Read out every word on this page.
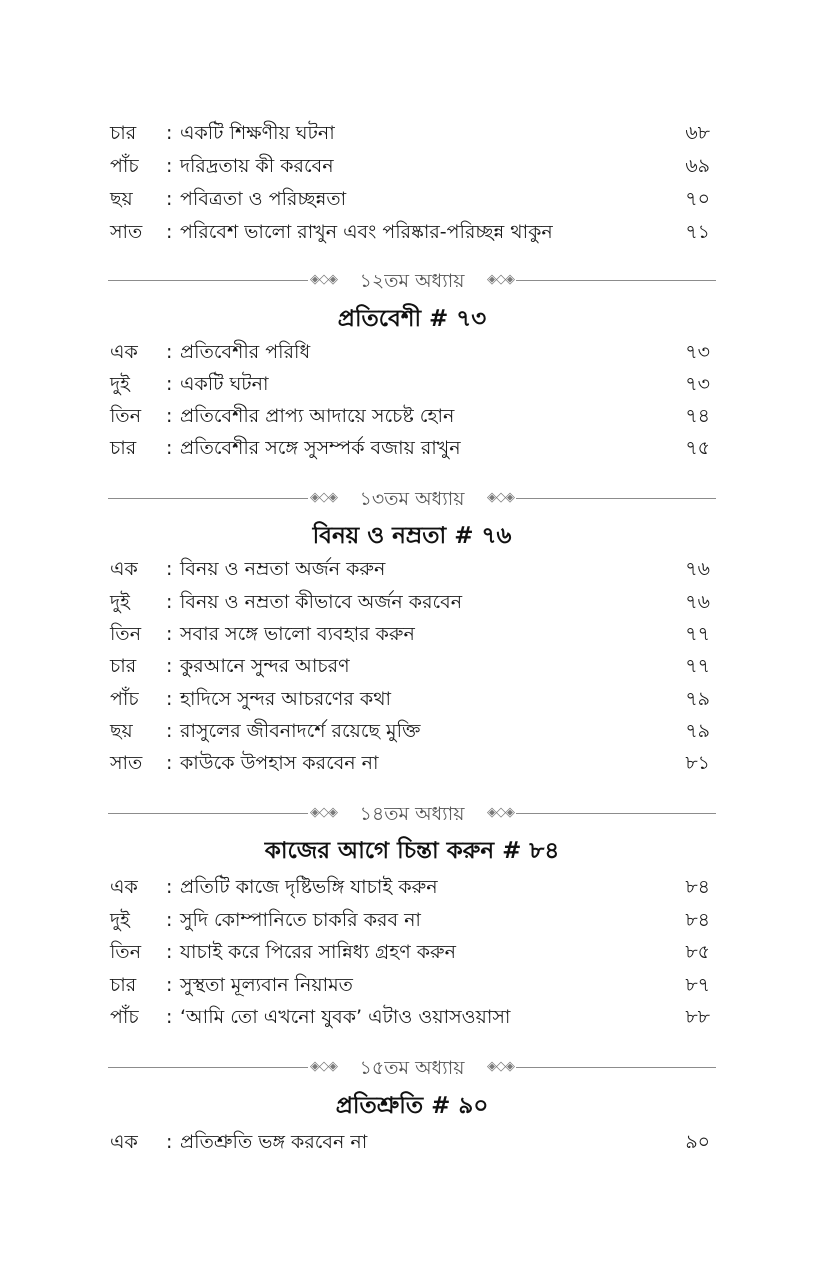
চার : একটি শিক্ষণীয় ঘটনা	৬৮
পাঁচ : দরিদ্রতায় কী করবেন	৬৯
ছয় : পবিত্রতা ও পরিচ্ছন্নতা	৭০
সাত : পরিবেশ ভালো রাখুন এবং পরিষ্কার-পরিচ্ছন্ন থাকুন	৭১
◈◇◈	১২তম অধ্যায়	◈◇◈
প্রতিবেশী # ৭৩
এক : প্রতিবেশীর পরিধি	৭৩
দুই : একটি ঘটনা	৭৩
তিন : প্রতিবেশীর প্রাপ্য আদায়ে সচেষ্ট হোন	৭৪
চার : প্রতিবেশীর সঙ্গে সুসম্পর্ক বজায় রাখুন	৭৫
◈◇◈	১৩তম অধ্যায়	◈◇◈
বিনয় ও নম্রতা # ৭৬
এক : বিনয় ও নম্রতা অর্জন করুন	৭৬
দুই : বিনয় ও নম্রতা কীভাবে অর্জন করবেন	৭৬
তিন : সবার সঙ্গে ভালো ব্যবহার করুন	৭৭
চার : কুরআনে সুন্দর আচরণ	৭৭
পাঁচ : হাদিসে সুন্দর আচরণের কথা	৭৯
ছয় : রাসুলের জীবনাদর্শে রয়েছে মুক্তি	৭৯
সাত : কাউকে উপহাস করবেন না	৮১
◈◇◈	১৪তম অধ্যায়	◈◇◈
কাজের আগে চিন্তা করুন # ৮৪
এক : প্রতিটি কাজে দৃষ্টিভঙ্গি যাচাই করুন	৮৪
দুই : সুদি কোম্পানিতে চাকরি করব না	৮৪
তিন : যাচাই করে পিরের সান্নিধ্য গ্রহণ করুন	৮৫
চার : সুস্থতা মূল্যবান নিয়ামত	৮৭
পাঁচ : ‘আমি তো এখনো যুবক’ এটাও ওয়াসওয়াসা	৮৮
◈◇◈	১৫তম অধ্যায়	◈◇◈
প্রতিশ্রুতি # ৯০
এক : প্রতিশ্রুতি ভঙ্গ করবেন না	৯০
